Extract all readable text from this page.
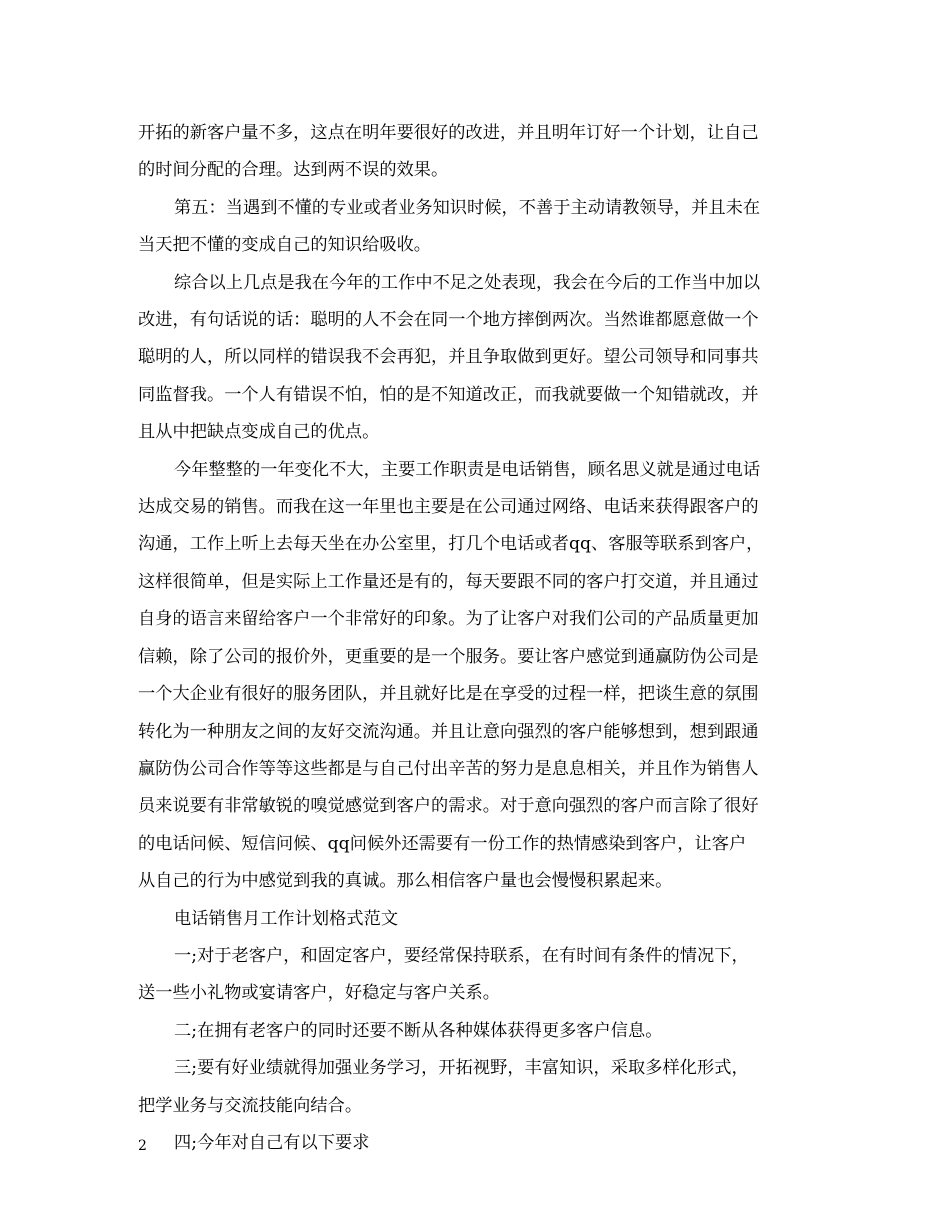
开拓的新客户量不多，这点在明年要很好的改进，并且明年订好一个计划，让自己
的时间分配的合理。达到两不误的效果。

第五：当遇到不懂的专业或者业务知识时候，不善于主动请教领导，并且未在
当天把不懂的变成自己的知识给吸收。

综合以上几点是我在今年的工作中不足之处表现，我会在今后的工作当中加以
改进，有句话说的话：聪明的人不会在同一个地方摔倒两次。当然谁都愿意做一个
聪明的人，所以同样的错误我不会再犯，并且争取做到更好。望公司领导和同事共
同监督我。一个人有错误不怕，怕的是不知道改正，而我就要做一个知错就改，并
且从中把缺点变成自己的优点。

今年整整的一年变化不大，主要工作职责是电话销售，顾名思义就是通过电话
达成交易的销售。而我在这一年里也主要是在公司通过网络、电话来获得跟客户的
沟通，工作上听上去每天坐在办公室里，打几个电话或者qq、客服等联系到客户，
这样很简单，但是实际上工作量还是有的，每天要跟不同的客户打交道，并且通过
自身的语言来留给客户一个非常好的印象。为了让客户对我们公司的产品质量更加
信赖，除了公司的报价外，更重要的是一个服务。要让客户感觉到通赢防伪公司是
一个大企业有很好的服务团队，并且就好比是在享受的过程一样，把谈生意的氛围
转化为一种朋友之间的友好交流沟通。并且让意向强烈的客户能够想到，想到跟通
赢防伪公司合作等等这些都是与自己付出辛苦的努力是息息相关，并且作为销售人
员来说要有非常敏锐的嗅觉感觉到客户的需求。对于意向强烈的客户而言除了很好
的电话问候、短信问候、qq问候外还需要有一份工作的热情感染到客户，让客户
从自己的行为中感觉到我的真诚。那么相信客户量也会慢慢积累起来。

电话销售月工作计划格式范文

一;对于老客户，和固定客户，要经常保持联系，在有时间有条件的情况下，
送一些小礼物或宴请客户，好稳定与客户关系。

二;在拥有老客户的同时还要不断从各种媒体获得更多客户信息。

三;要有好业绩就得加强业务学习，开拓视野，丰富知识，采取多样化形式，
把学业务与交流技能向结合。

四;今年对自己有以下要求

2
